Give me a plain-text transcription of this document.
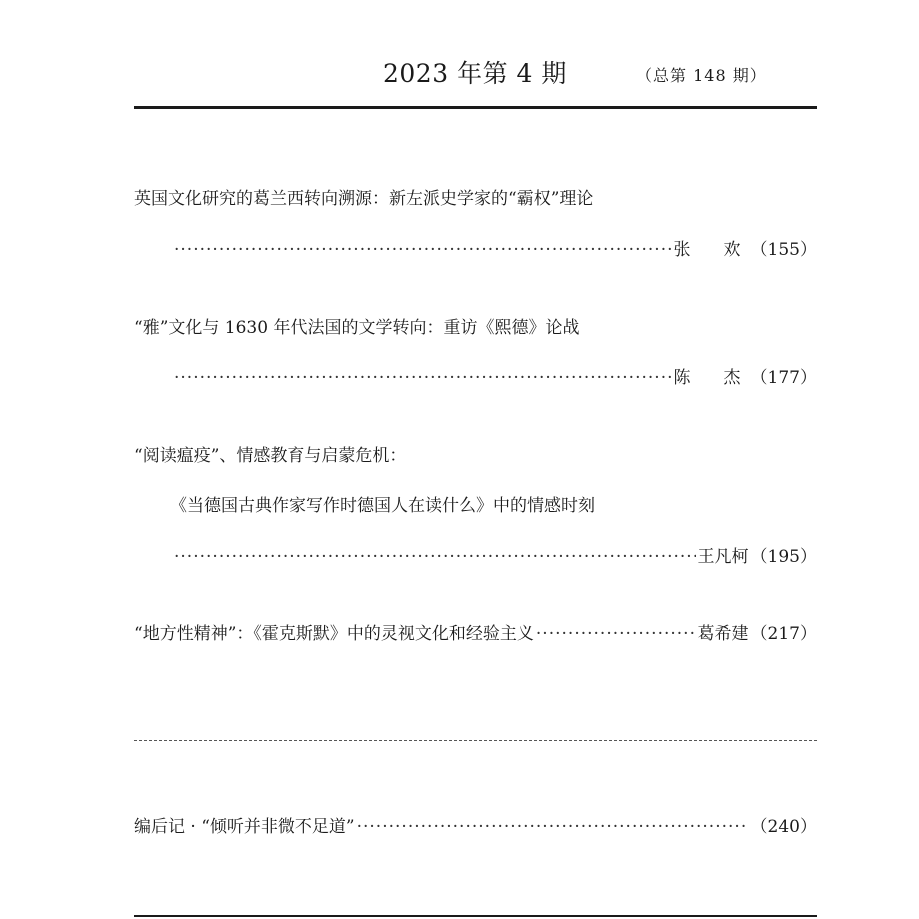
2023 年第 4 期	（总第 148 期）
英国文化研究的葛兰西转向溯源：新左派史学家的“霸权”理论
·····
张　欢 （155）
“雅”文化与 1630 年代法国的文学转向：重访《熙德》论战
·····
陈　杰 （177）
“阅读瘟疫”、情感教育与启蒙危机：
《当德国古典作家写作时德国人在读什么》中的情感时刻
·····
王凡柯 （195）
“地方性精神”：《霍克斯默》中的灵视文化和经验主义 ·····	葛希建 （217）
编后记 · “倾听并非微不足道” ·····	（240）
